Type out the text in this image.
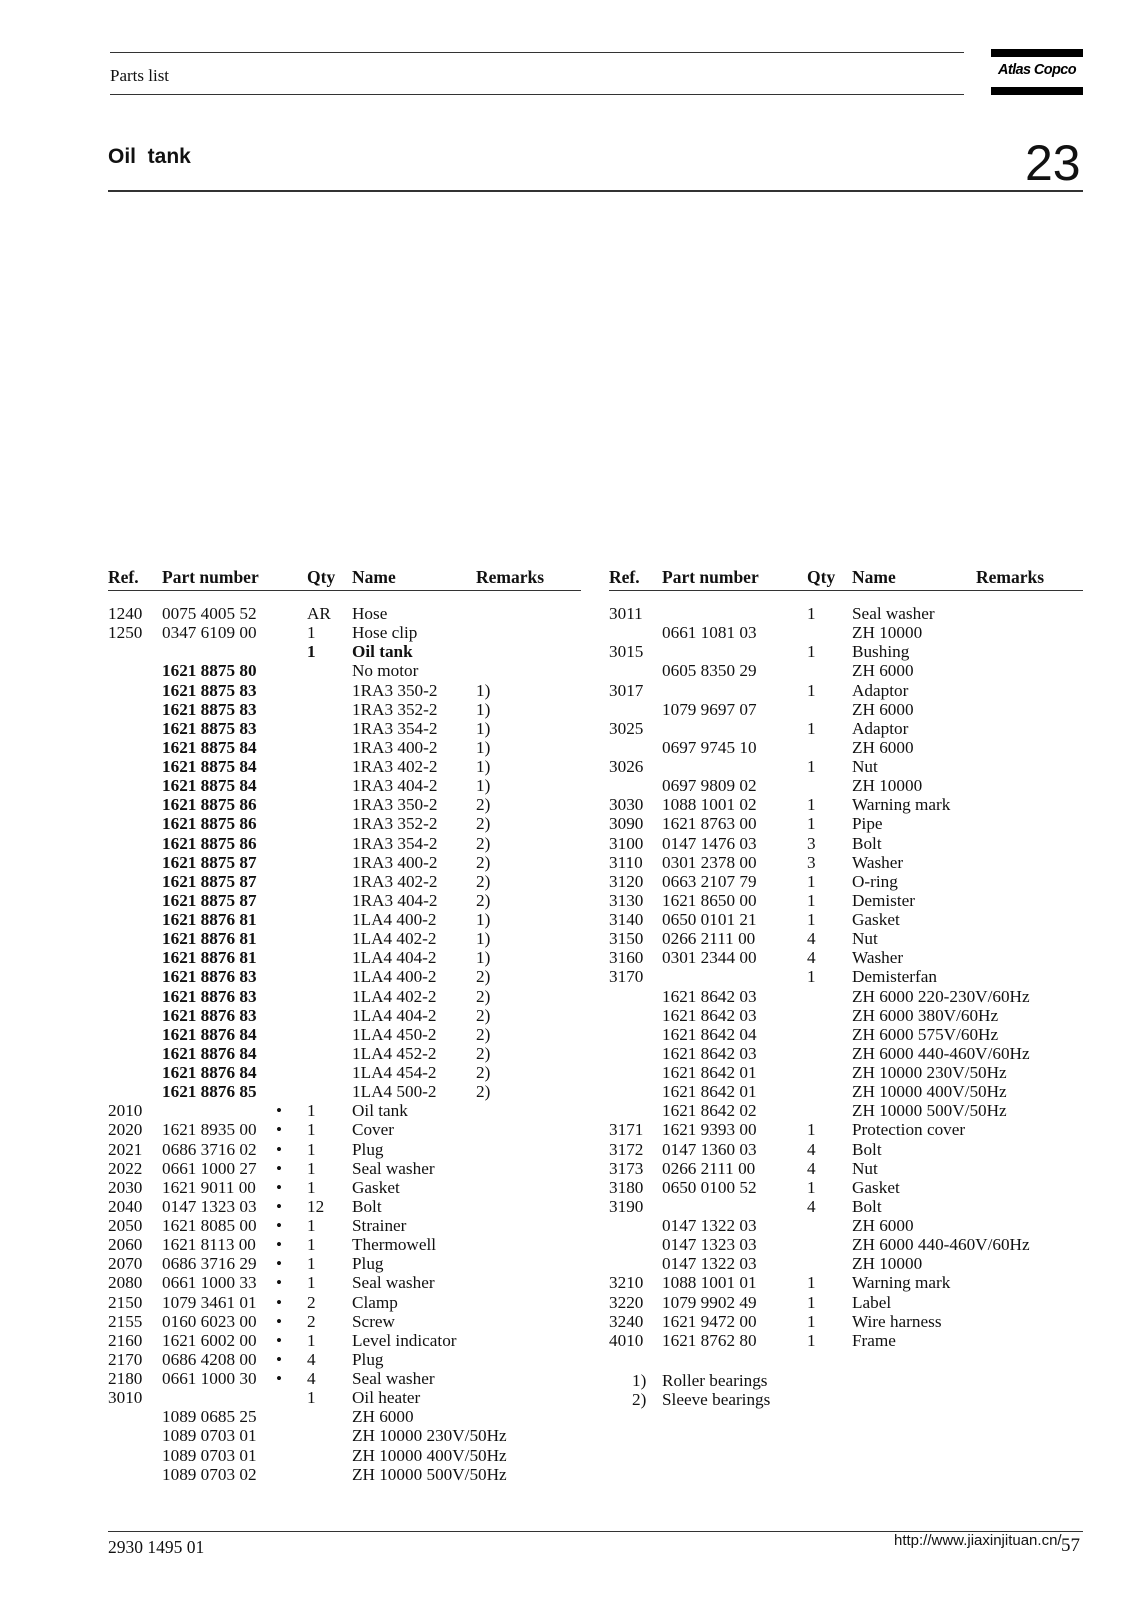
Parts list	Atlas Copco
Oil  tank	23
Ref. Part number	Qty Name	Remarks	Ref. Part number	Qty Name	Remarks
1240 0075 4005 52	AR Hose
1250 0347 6109 00	1 Hose clip
1 Oil tank
1621 8875 80	No motor
1621 8875 83	1RA3 350-2 1)
1621 8875 83	1RA3 352-2 1)
1621 8875 83	1RA3 354-2 1)
1621 8875 84	1RA3 400-2 1)
1621 8875 84	1RA3 402-2 1)
1621 8875 84	1RA3 404-2 1)
1621 8875 86	1RA3 350-2 2)
1621 8875 86	1RA3 352-2 2)
1621 8875 86	1RA3 354-2 2)
1621 8875 87	1RA3 400-2 2)
1621 8875 87	1RA3 402-2 2)
1621 8875 87	1RA3 404-2 2)
1621 8876 81	1LA4 400-2 1)
1621 8876 81	1LA4 402-2 1)
1621 8876 81	1LA4 404-2 1)
1621 8876 83	1LA4 400-2 2)
1621 8876 83	1LA4 402-2 2)
1621 8876 83	1LA4 404-2 2)
1621 8876 84	1LA4 450-2 2)
1621 8876 84	1LA4 452-2 2)
1621 8876 84	1LA4 454-2 2)
1621 8876 85	1LA4 500-2 2)
2010	• 1 Oil tank
2020 1621 8935 00 • 1 Cover
2021 0686 3716 02 • 1 Plug
2022 0661 1000 27 • 1 Seal washer
2030 1621 9011 00 • 1 Gasket
2040 0147 1323 03 • 12 Bolt
2050 1621 8085 00 • 1 Strainer
2060 1621 8113 00 • 1 Thermowell
2070 0686 3716 29 • 1 Plug
2080 0661 1000 33 • 1 Seal washer
2150 1079 3461 01 • 2 Clamp
2155 0160 6023 00 • 2 Screw
2160 1621 6002 00 • 1 Level indicator
2170 0686 4208 00 • 4 Plug
2180 0661 1000 30 • 4 Seal washer
3010	1 Oil heater
1089 0685 25	ZH 6000
1089 0703 01	ZH 10000 230V/50Hz
1089 0703 01	ZH 10000 400V/50Hz
1089 0703 02	ZH 10000 500V/50Hz
3011	1 Seal washer
0661 1081 03	ZH 10000
3015	1 Bushing
0605 8350 29	ZH 6000
3017	1 Adaptor
1079 9697 07	ZH 6000
3025	1 Adaptor
0697 9745 10	ZH 6000
3026	1 Nut
0697 9809 02	ZH 10000
3030 1088 1001 02	1 Warning mark
3090 1621 8763 00	1 Pipe
3100 0147 1476 03	3 Bolt
3110 0301 2378 00	3 Washer
3120 0663 2107 79	1 O-ring
3130 1621 8650 00	1 Demister
3140 0650 0101 21	1 Gasket
3150 0266 2111 00	4 Nut
3160 0301 2344 00	4 Washer
3170	1 Demisterfan
1621 8642 03	ZH 6000 220-230V/60Hz
1621 8642 03	ZH 6000 380V/60Hz
1621 8642 04	ZH 6000 575V/60Hz
1621 8642 03	ZH 6000 440-460V/60Hz
1621 8642 01	ZH 10000 230V/50Hz
1621 8642 01	ZH 10000 400V/50Hz
1621 8642 02	ZH 10000 500V/50Hz
3171 1621 9393 00	1 Protection cover
3172 0147 1360 03	4 Bolt
3173 0266 2111 00	4 Nut
3180 0650 0100 52	1 Gasket
3190	4 Bolt
0147 1322 03	ZH 6000
0147 1323 03	ZH 6000 440-460V/60Hz
0147 1322 03	ZH 10000
3210 1088 1001 01	1 Warning mark
3220 1079 9902 49	1 Label
3240 1621 9472 00	1 Wire harness
4010 1621 8762 80	1 Frame
1) Roller bearings
2) Sleeve bearings
2930 1495 01	http://www.jiaxinjituan.cn/ 57
